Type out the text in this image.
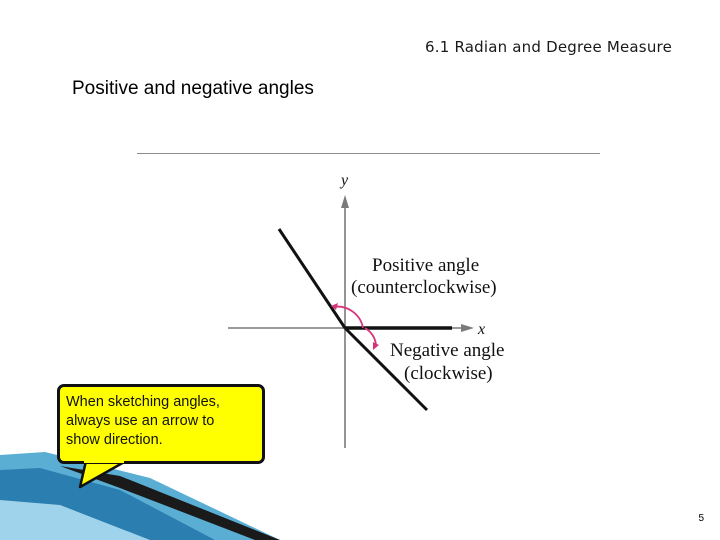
6.1 Radian and Degree Measure
Positive and negative angles
y
x
Positive angle
(counterclockwise)
Negative angle
(clockwise)
When sketching angles,
always use an arrow to
show direction.
5
